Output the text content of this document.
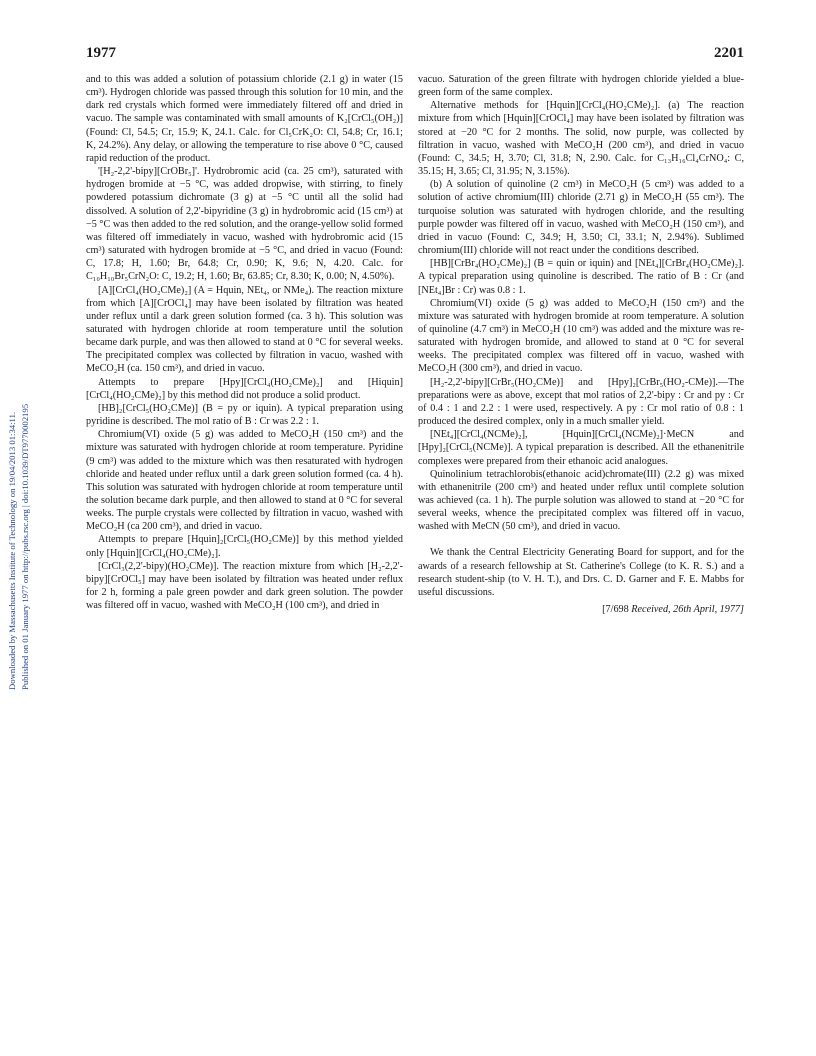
Downloaded by Massachusetts Institute of Technology on 19/04/2013 01:34:11. Published on 01 January 1977 on http://pubs.rsc.org | doi:10.1039/DT9770002195
1977	2201

and to this was added a solution of potassium chloride (2.1 g) in water (15 cm³). Hydrogen chloride was passed through this solution for 10 min, and the dark red crystals which formed were immediately filtered off and dried in vacuo. The sample was contaminated with small amounts of K₂[CrCl₅(OH₂)] (Found: Cl, 54.5; Cr, 15.9; K, 24.1. Calc. for Cl₅CrK₂O: Cl, 54.8; Cr, 16.1; K, 24.2%). Any delay, or allowing the temperature to rise above 0 °C, caused rapid reduction of the product.

'[H₂-2,2'-bipy][CrOBr₅]'. Hydrobromic acid (ca. 25 cm³), saturated with hydrogen bromide at −5 °C, was added dropwise, with stirring, to finely powdered potassium dichromate (3 g) at −5 °C until all the solid had dissolved. A solution of 2,2'-bipyridine (3 g) in hydrobromic acid (15 cm³) at −5 °C was then added to the red solution, and the orange-yellow solid formed was filtered off immediately in vacuo, washed with hydrobromic acid (15 cm³) saturated with hydrogen bromide at −5 °C, and dried in vacuo (Found: C, 17.8; H, 1.60; Br, 64.8; Cr, 0.90; K, 9.6; N, 4.20. Calc. for C₁₀H₁₀Br₅CrN₂O: C, 19.2; H, 1.60; Br, 63.85; Cr, 8.30; K, 0.00; N, 4.50%).

[A][CrCl₄(HO₂CMe)₂] (A = Hquin, NEt₄, or NMe₄). The reaction mixture from which [A][CrOCl₄] may have been isolated by filtration was heated under reflux until a dark green solution formed (ca. 3 h). This solution was saturated with hydrogen chloride at room temperature until the solution became dark purple, and was then allowed to stand at 0 °C for several weeks. The precipitated complex was collected by filtration in vacuo, washed with MeCO₂H (ca. 150 cm³), and dried in vacuo.

Attempts to prepare [Hpy][CrCl₄(HO₂CMe)₂] and [Hiquin][CrCl₄(HO₂CMe)₂] by this method did not produce a solid product.

[HB]₂[CrCl₅(HO₂CMe)] (B = py or iquin). A typical preparation using pyridine is described. The mol ratio of B : Cr was 2.2 : 1.

Chromium(VI) oxide (5 g) was added to MeCO₂H (150 cm³) and the mixture was saturated with hydrogen chloride at room temperature. Pyridine (9 cm³) was added to the mixture which was then resaturated with hydrogen chloride and heated under reflux until a dark green solution formed (ca. 4 h). This solution was saturated with hydrogen chloride at room temperature until the solution became dark purple, and then allowed to stand at 0 °C for several weeks. The purple crystals were collected by filtration in vacuo, washed with MeCO₂H (ca 200 cm³), and dried in vacuo.

Attempts to prepare [Hquin]₂[CrCl₅(HO₂CMe)] by this method yielded only [Hquin][CrCl₄(HO₂CMe)₂].

[CrCl₃(2,2'-bipy)(HO₂CMe)]. The reaction mixture from which [H₂-2,2'-bipy][CrOCl₅] may have been isolated by filtration was heated under reflux for 2 h, forming a pale green powder and dark green solution. The powder was filtered off in vacuo, washed with MeCO₂H (100 cm³), and dried in

vacuo. Saturation of the green filtrate with hydrogen chloride yielded a blue-green form of the same complex.

Alternative methods for [Hquin][CrCl₄(HO₂CMe)₂]. (a) The reaction mixture from which [Hquin][CrOCl₄] may have been isolated by filtration was stored at −20 °C for 2 months. The solid, now purple, was collected by filtration in vacuo, washed with MeCO₂H (200 cm³), and dried in vacuo (Found: C, 34.5; H, 3.70; Cl, 31.8; N, 2.90. Calc. for C₁₃H₁₆Cl₄CrNO₄: C, 35.15; H, 3.65; Cl, 31.95; N, 3.15%).

(b) A solution of quinoline (2 cm³) in MeCO₂H (5 cm³) was added to a solution of active chromium(III) chloride (2.71 g) in MeCO₂H (55 cm³). The turquoise solution was saturated with hydrogen chloride, and the resulting purple powder was filtered off in vacuo, washed with MeCO₂H (150 cm³), and dried in vacuo (Found: C, 34.9; H, 3.50; Cl, 33.1; N, 2.94%). Sublimed chromium(III) chloride will not react under the conditions described.

[HB][CrBr₄(HO₂CMe)₂] (B = quin or iquin) and [NEt₄][CrBr₄(HO₂CMe)₂]. A typical preparation using quinoline is described. The ratio of B : Cr (and [NEt₄]Br : Cr) was 0.8 : 1.

Chromium(VI) oxide (5 g) was added to MeCO₂H (150 cm³) and the mixture was saturated with hydrogen bromide at room temperature. A solution of quinoline (4.7 cm³) in MeCO₂H (10 cm³) was added and the mixture was re-saturated with hydrogen bromide, and allowed to stand at 0 °C for several weeks. The precipitated complex was filtered off in vacuo, washed with MeCO₂H (300 cm³), and dried in vacuo.

[H₂-2,2'-bipy][CrBr₅(HO₂CMe)] and [Hpy]₂[CrBr₅(HO₂-CMe)].—The preparations were as above, except that mol ratios of 2,2'-bipy : Cr and py : Cr of 0.4 : 1 and 2.2 : 1 were used, respectively. A py : Cr mol ratio of 0.8 : 1 produced the desired complex, only in a much smaller yield.

[NEt₄][CrCl₄(NCMe)₂], [Hquin][CrCl₄(NCMe)₂]·MeCN and [Hpy]₂[CrCl₅(NCMe)]. A typical preparation is described. All the ethanenitrile complexes were prepared from their ethanoic acid analogues.

Quinolinium tetrachlorobis(ethanoic acid)chromate(III) (2.2 g) was mixed with ethanenitrile (200 cm³) and heated under reflux until complete solution was achieved (ca. 1 h). The purple solution was allowed to stand at −20 °C for several weeks, whence the precipitated complex was filtered off in vacuo, washed with MeCN (50 cm³), and dried in vacuo.

We thank the Central Electricity Generating Board for support, and for the awards of a research fellowship at St. Catherine's College (to K. R. S.) and a research student-ship (to V. H. T.), and Drs. C. D. Garner and F. E. Mabbs for useful discussions.

[7/698 Received, 26th April, 1977]
